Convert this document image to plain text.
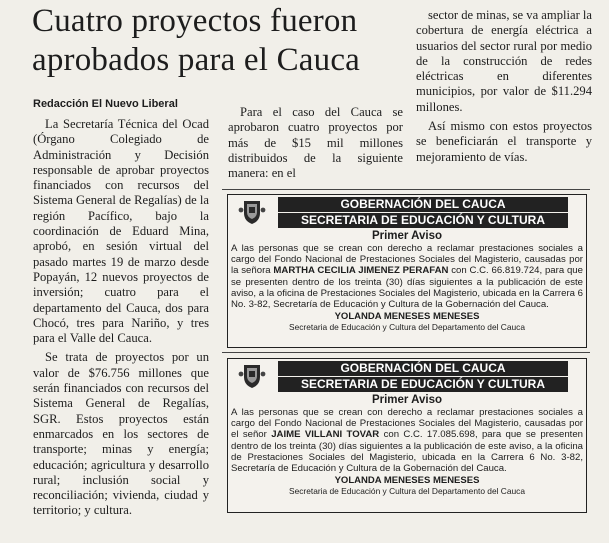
Cuatro proyectos fueron aprobados para el Cauca
Redacción El Nuevo Liberal

La Secretaría Técnica del Ocad (Órgano Colegiado de Administración y Decisión responsable de aprobar proyectos financiados con recursos del Sistema General de Regalías) de la región Pacífico, bajo la coordinación de Eduard Mina, aprobó, en sesión virtual del pasado martes 19 de marzo desde Popayán, 12 nuevos proyectos de inversión; cuatro para el departamento del Cauca, dos para Chocó, tres para Nariño, y tres para el Valle del Cauca.

Se trata de proyectos por un valor de $76.756 millones que serán financiados con recursos del Sistema General de Regalías, SGR. Estos proyectos están enmarcados en los sectores de transporte; minas y energía; educación; agricultura y desarrollo rural; inclusión social y reconciliación; vivienda, ciudad y territorio; y cultura.

Para el caso del Cauca se aprobaron cuatro proyectos por más de $15 mil millones distribuidos de la siguiente manera: en el

sector de minas, se va ampliar la cobertura de energía eléctrica a usuarios del sector rural por medio de la construcción de redes eléctricas en diferentes municipios, por valor de $11.294 millones.

Así mismo con estos proyectos se beneficiarán el transporte y mejoramiento de vías.

GOBERNACIÓN DEL CAUCA
SECRETARIA DE EDUCACIÓN Y CULTURA
Primer Aviso
A las personas que se crean con derecho a reclamar prestaciones sociales a cargo del Fondo Nacional de Prestaciones Sociales del Magisterio, causadas por la señora MARTHA CECILIA JIMENEZ PERAFAN con C.C. 66.819.724, para que se presenten dentro de los treinta (30) días siguientes a la publicación de este aviso, a la oficina de Prestaciones Sociales del Magisterio, ubicada en la Carrera 6 No. 3-82, Secretaría de Educación y Cultura de la Gobernación del Cauca.
YOLANDA MENESES MENESES
Secretaria de Educación y Cultura del Departamento del Cauca
GOBERNACIÓN DEL CAUCA
SECRETARIA DE EDUCACIÓN Y CULTURA
Primer Aviso
A las personas que se crean con derecho a reclamar prestaciones sociales a cargo del Fondo Nacional de Prestaciones Sociales del Magisterio, causadas por el señor JAIME VILLANI TOVAR con C.C. 17.085.698, para que se presenten dentro de los treinta (30) días siguientes a la publicación de este aviso, a la oficina de Prestaciones Sociales del Magisterio, ubicada en la Carrera 6 No. 3-82, Secretaría de Educación y Cultura de la Gobernación del Cauca.
YOLANDA MENESES MENESES
Secretaria de Educación y Cultura del Departamento del Cauca
